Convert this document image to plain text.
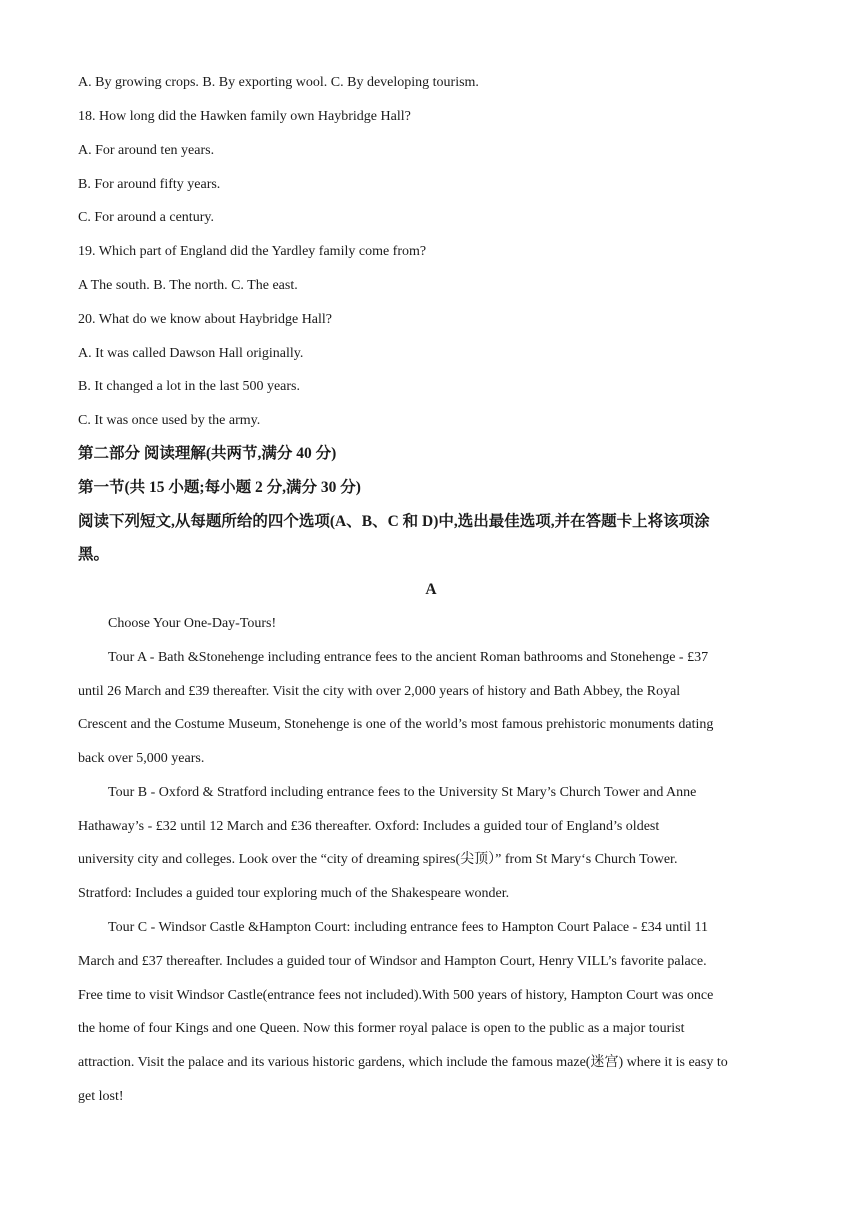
A. By growing crops. B. By exporting wool. C. By developing tourism.
18. How long did the Hawken family own Haybridge Hall?
A. For around ten years.
B. For around fifty years.
C. For around a century.
19. Which part of England did the Yardley family come from?
A The south. B. The north. C. The east.
20. What do we know about Haybridge Hall?
A. It was called Dawson Hall originally.
B. It changed a lot in the last 500 years.
C. It was once used by the army.
第二部分 阅读理解(共两节,满分 40 分)
第一节(共 15 小题;每小题 2 分,满分 30 分)
阅读下列短文,从每题所给的四个选项(A、B、C 和 D)中,选出最佳选项,并在答题卡上将该项涂
黑。
A
Choose Your One-Day-Tours!
Tour A - Bath &Stonehenge including entrance fees to the ancient Roman bathrooms and Stonehenge - £37
until 26 March and £39 thereafter. Visit the city with over 2,000 years of history and Bath Abbey, the Royal
Crescent and the Costume Museum, Stonehenge is one of the world’s most famous prehistoric monuments dating
back over 5,000 years.
Tour B - Oxford & Stratford including entrance fees to the University St Mary’s Church Tower and Anne
Hathaway’s - £32 until 12 March and £36 thereafter. Oxford: Includes a guided tour of England’s oldest
university city and colleges. Look over the “city of dreaming spires(尖顶）” from St Mary‘s Church Tower.
Stratford: Includes a guided tour exploring much of the Shakespeare wonder.
Tour C - Windsor Castle &Hampton Court: including entrance fees to Hampton Court Palace - £34 until 11
March and £37 thereafter. Includes a guided tour of Windsor and Hampton Court, Henry VILL’s favorite palace.
Free time to visit Windsor Castle(entrance fees not included).With 500 years of history, Hampton Court was once
the home of four Kings and one Queen. Now this former royal palace is open to the public as a major tourist
attraction. Visit the palace and its various historic gardens, which include the famous maze(迷宫) where it is easy to
get lost!
